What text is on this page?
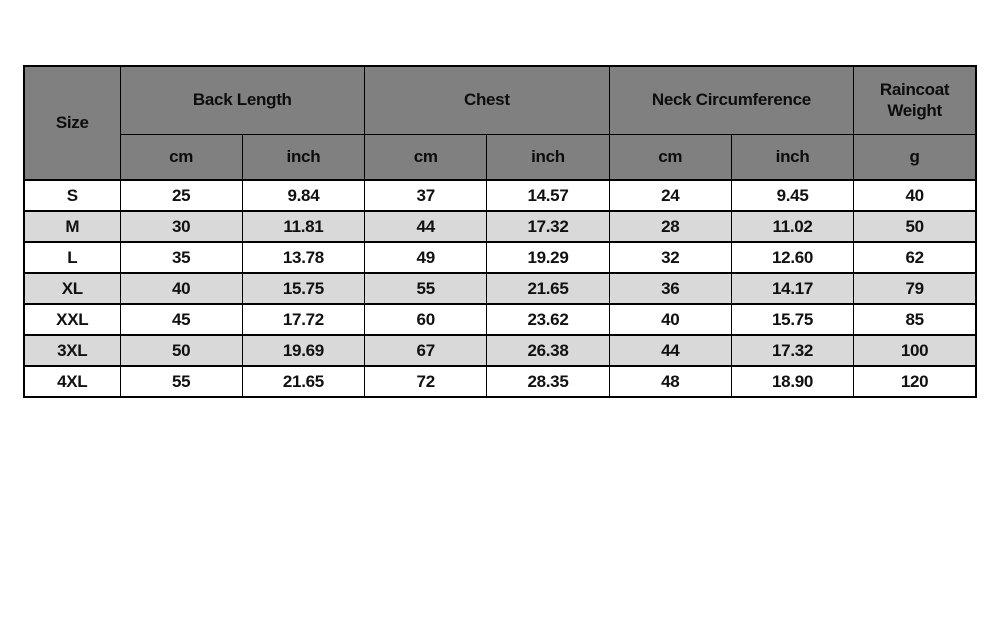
Size	Back Length		Chest		Neck Circumference		Raincoat Weight
	cm	inch	cm	inch	cm	inch	g
S	25	9.84	37	14.57	24	9.45	40
M	30	11.81	44	17.32	28	11.02	50
L	35	13.78	49	19.29	32	12.60	62
XL	40	15.75	55	21.65	36	14.17	79
XXL	45	17.72	60	23.62	40	15.75	85
3XL	50	19.69	67	26.38	44	17.32	100
4XL	55	21.65	72	28.35	48	18.90	120
